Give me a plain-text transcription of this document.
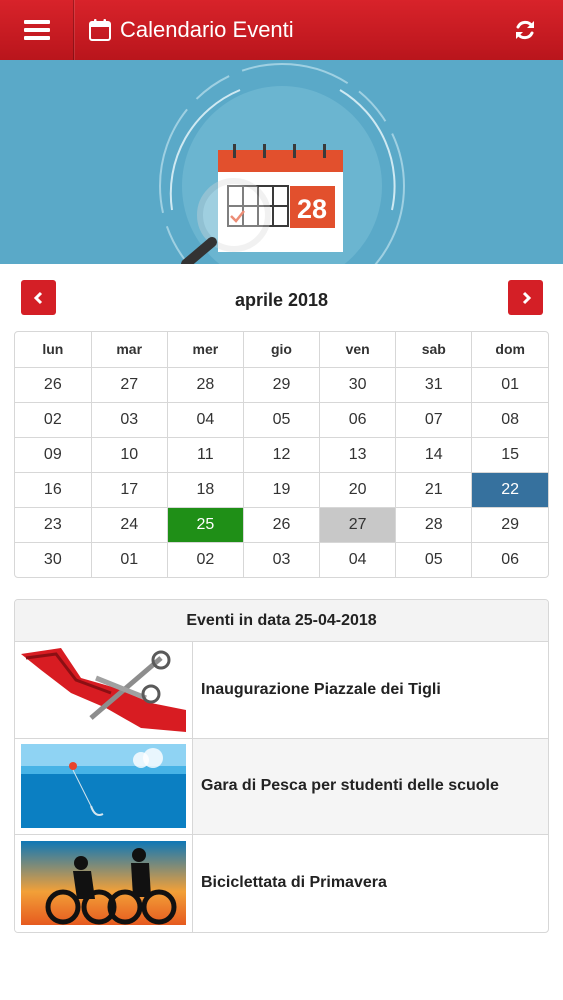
Calendario Eventi
28
aprile 2018
lun	mar	mer	gio	ven	sab	dom
26	27	28	29	30	31	01
02	03	04	05	06	07	08
09	10	11	12	13	14	15
16	17	18	19	20	21	22
23	24	25	26	27	28	29
30	01	02	03	04	05	06
Eventi in data 25-04-2018
Inaugurazione Piazzale dei Tigli
Gara di Pesca per studenti delle scuole
Biciclettata di Primavera
